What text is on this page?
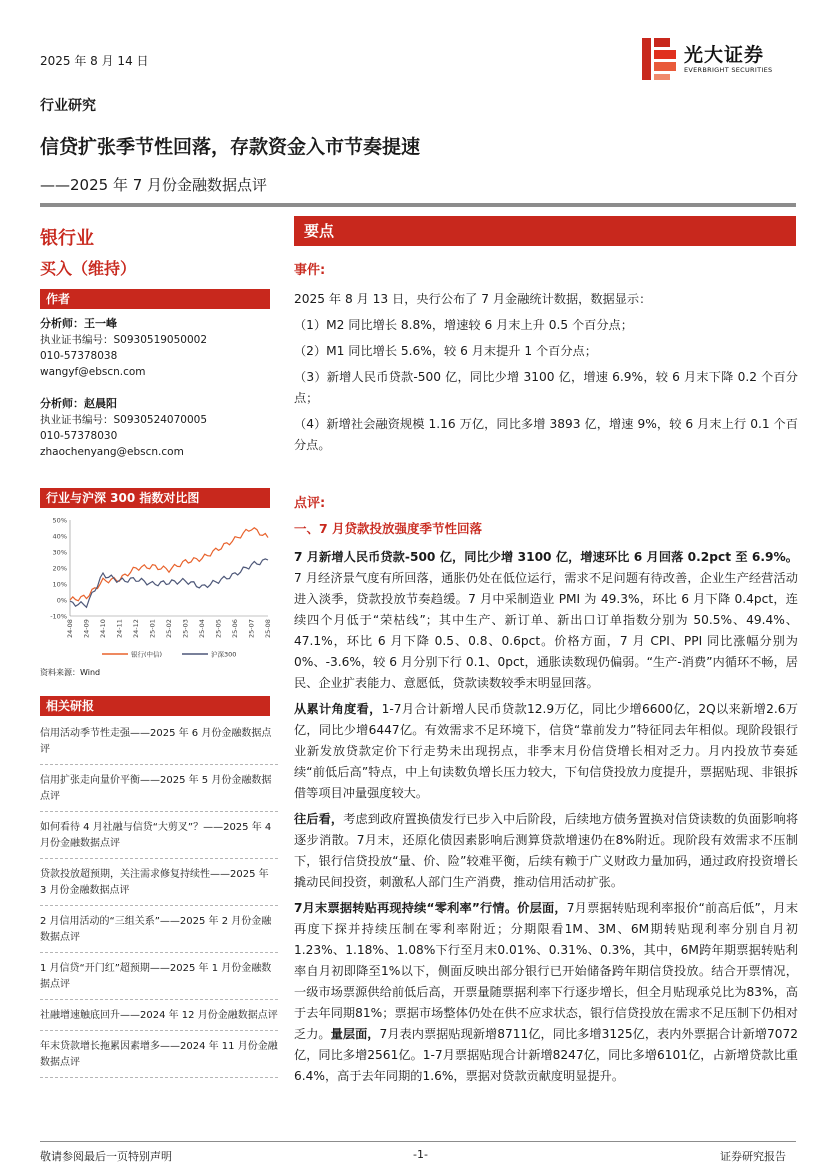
2025 年 8 月 14 日	光大证券
EVERBRIGHT SECURITIES
行业研究
信贷扩张季节性回落，存款资金入市节奏提速
——2025 年 7 月份金融数据点评
银行业
买入（维持）
作者
分析师：王一峰
执业证书编号：S0930519050002
010-57378038
wangyf@ebscn.com
分析师：赵晨阳
执业证书编号：S0930524070005
010-57378030
zhaochenyang@ebscn.com
行业与沪深 300 指数对比图
50%
40%
30%
20%
10%
0%
-10%
24-08 24-09 24-10 24-11 24-12 25-01 25-02 25-03 25-04 25-05 25-06 25-07 25-08
银行(中信)	沪深300
资料来源：Wind
相关研报
信用活动季节性走强——2025 年 6 月份金融数据点评
信用扩张走向量价平衡——2025 年 5 月份金融数据点评
如何看待 4 月社融与信贷“大剪叉”？——2025 年 4 月份金融数据点评
贷款投放超预期，关注需求修复持续性——2025 年 3 月份金融数据点评
2 月信用活动的“三组关系”——2025 年 2 月份金融数据点评
1 月信贷“开门红”超预期——2025 年 1 月份金融数据点评
社融增速触底回升——2024 年 12 月份金融数据点评
年末贷款增长拖累因素增多——2024 年 11 月份金融数据点评
要点
事件:
2025 年 8 月 13 日，央行公布了 7 月金融统计数据，数据显示：
（1）M2 同比增长 8.8%，增速较 6 月末上升 0.5 个百分点；
（2）M1 同比增长 5.6%，较 6 月末提升 1 个百分点；
（3）新增人民币贷款-500 亿，同比少增 3100 亿，增速 6.9%，较 6 月末下降 0.2 个百分点；
（4）新增社会融资规模 1.16 万亿，同比多增 3893 亿，增速 9%，较 6 月末上行 0.1 个百分点。
点评:
一、7 月贷款投放强度季节性回落

7 月新增人民币贷款-500 亿，同比少增 3100 亿，增速环比 6 月回落 0.2pct 至 6.9%。7 月经济景气度有所回落，通胀仍处在低位运行，需求不足问题有待改善，企业生产经营活动进入淡季，贷款投放节奏趋缓。7 月中采制造业 PMI 为 49.3%，环比 6 月下降 0.4pct，连续四个月低于“荣枯线”；其中生产、新订单、新出口订单指数分别为 50.5%、49.4%、47.1%，环比 6 月下降 0.5、0.8、0.6pct。价格方面，7 月 CPI、PPI 同比涨幅分别为 0%、-3.6%，较 6 月分别下行 0.1、0pct，通胀读数现仍偏弱。“生产-消费”内循环不畅，居民、企业扩表能力、意愿低，贷款读数较季末明显回落。

从累计角度看，1-7月合计新增人民币贷款12.9万亿，同比少增6600亿，2Q以来新增2.6万亿，同比少增6447亿。有效需求不足环境下，信贷“靠前发力”特征同去年相似。现阶段银行业新发放贷款定价下行走势未出现拐点，非季末月份信贷增长相对乏力。月内投放节奏延续“前低后高”特点，中上旬读数负增长压力较大，下旬信贷投放力度提升，票据贴现、非银拆借等项目冲量强度较大。

往后看，考虑到政府置换债发行已步入中后阶段，后续地方债务置换对信贷读数的负面影响将逐步消散。7月末，还原化债因素影响后测算贷款增速仍在8%附近。现阶段有效需求不压制下，银行信贷投放“量、价、险”较难平衡，后续有赖于广义财政力量加码，通过政府投资增长撬动民间投资，刺激私人部门生产消费，推动信用活动扩张。

7月末票据转贴再现持续“零利率”行情。价层面，7月票据转贴现利率报价“前高后低”，月末再度下探并持续压制在零利率附近；分期限看1M、3M、6M期转贴现利率分别自月初1.23%、1.18%、1.08%下行至月末0.01%、0.31%、0.3%，其中，6M跨年期票据转贴利率自月初即降至1%以下，侧面反映出部分银行已开始储备跨年期信贷投放。结合开票情况，一级市场票源供给前低后高，开票量随票据利率下行逐步增长，但全月贴现承兑比为83%，高于去年同期81%；票据市场整体仍处在供不应求状态，银行信贷投放在需求不足压制下仍相对乏力。量层面，7月表内票据贴现新增8711亿，同比多增3125亿，表内外票据合计新增7072亿，同比多增2561亿。1-7月票据贴现合计新增8247亿，同比多增6101亿，占新增贷款比重6.4%，高于去年同期的1.6%，票据对贷款贡献度明显提升。

敬请参阅最后一页特别声明	-1-	证券研究报告
